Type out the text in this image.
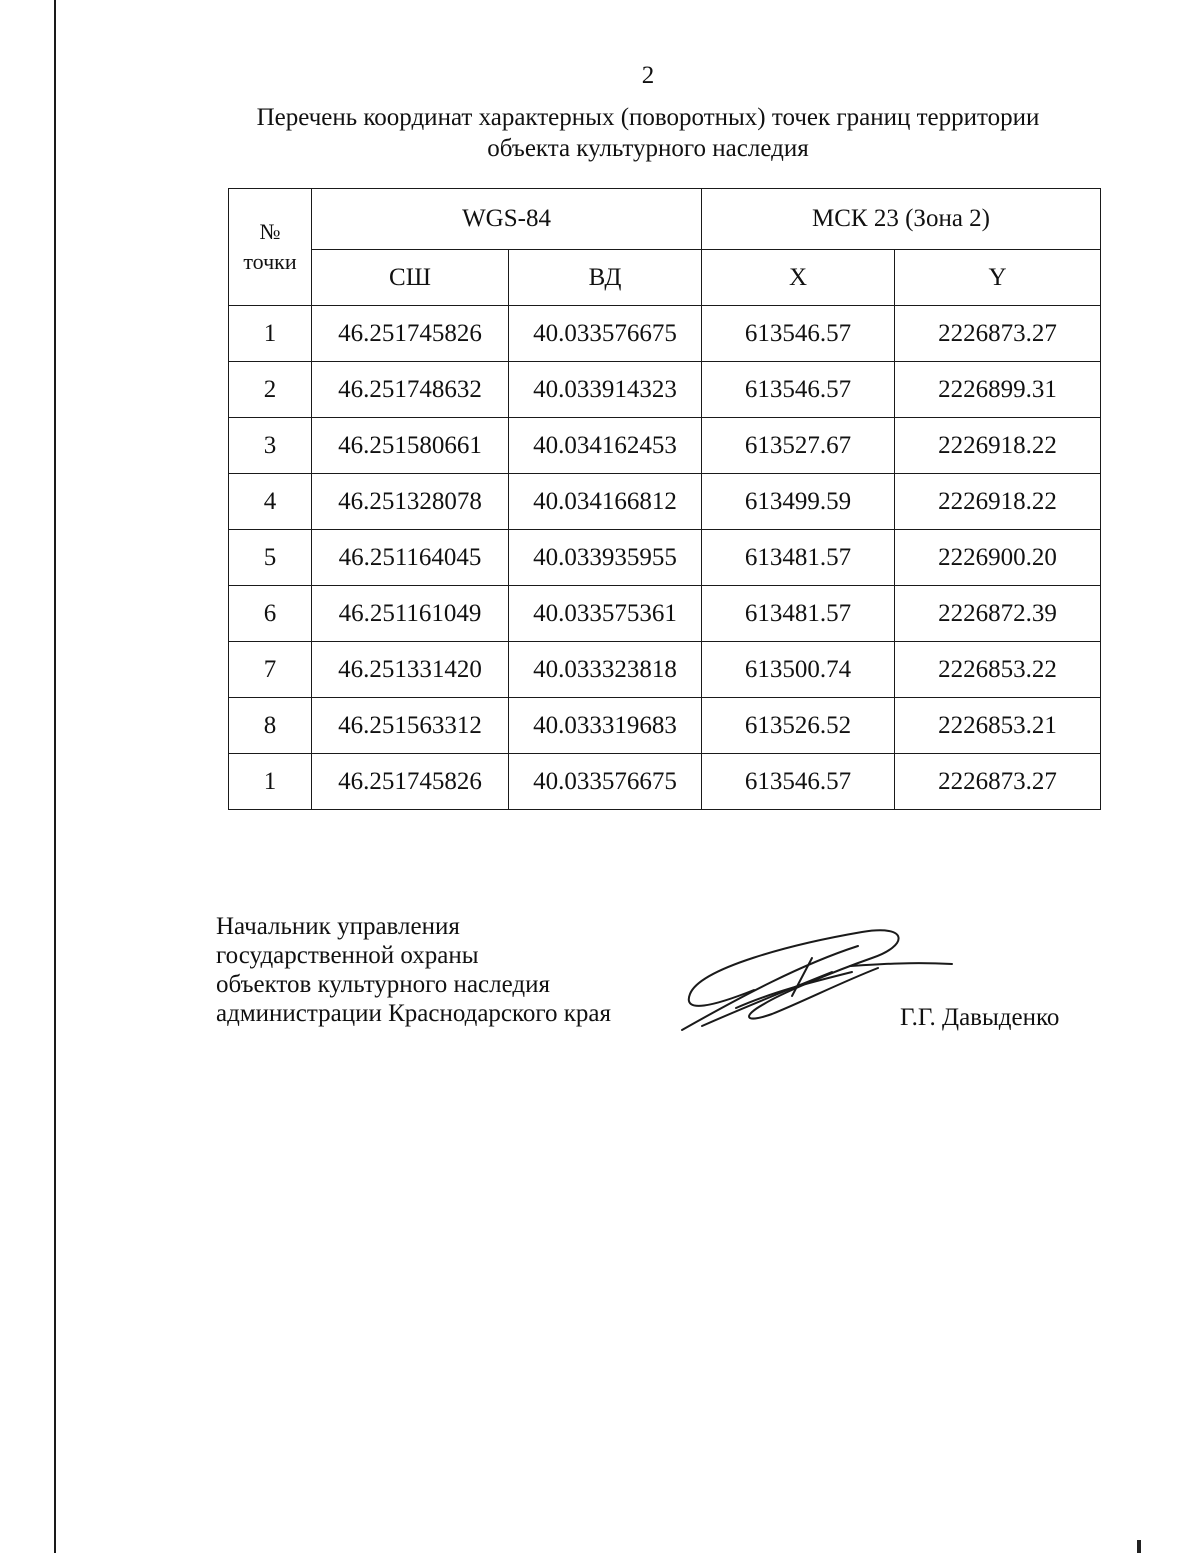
2
Перечень координат характерных (поворотных) точек границ территории
объекта культурного наследия
№
точки	WGS-84		МСК 23 (Зона 2)	
	СШ	ВД	X	Y
1	46.251745826	40.033576675	613546.57	2226873.27
2	46.251748632	40.033914323	613546.57	2226899.31
3	46.251580661	40.034162453	613527.67	2226918.22
4	46.251328078	40.034166812	613499.59	2226918.22
5	46.251164045	40.033935955	613481.57	2226900.20
6	46.251161049	40.033575361	613481.57	2226872.39
7	46.251331420	40.033323818	613500.74	2226853.22
8	46.251563312	40.033319683	613526.52	2226853.21
1	46.251745826	40.033576675	613546.57	2226873.27
Начальник управления
государственной охраны
объектов культурного наследия
администрации Краснодарского края	Г.Г. Давыденко
